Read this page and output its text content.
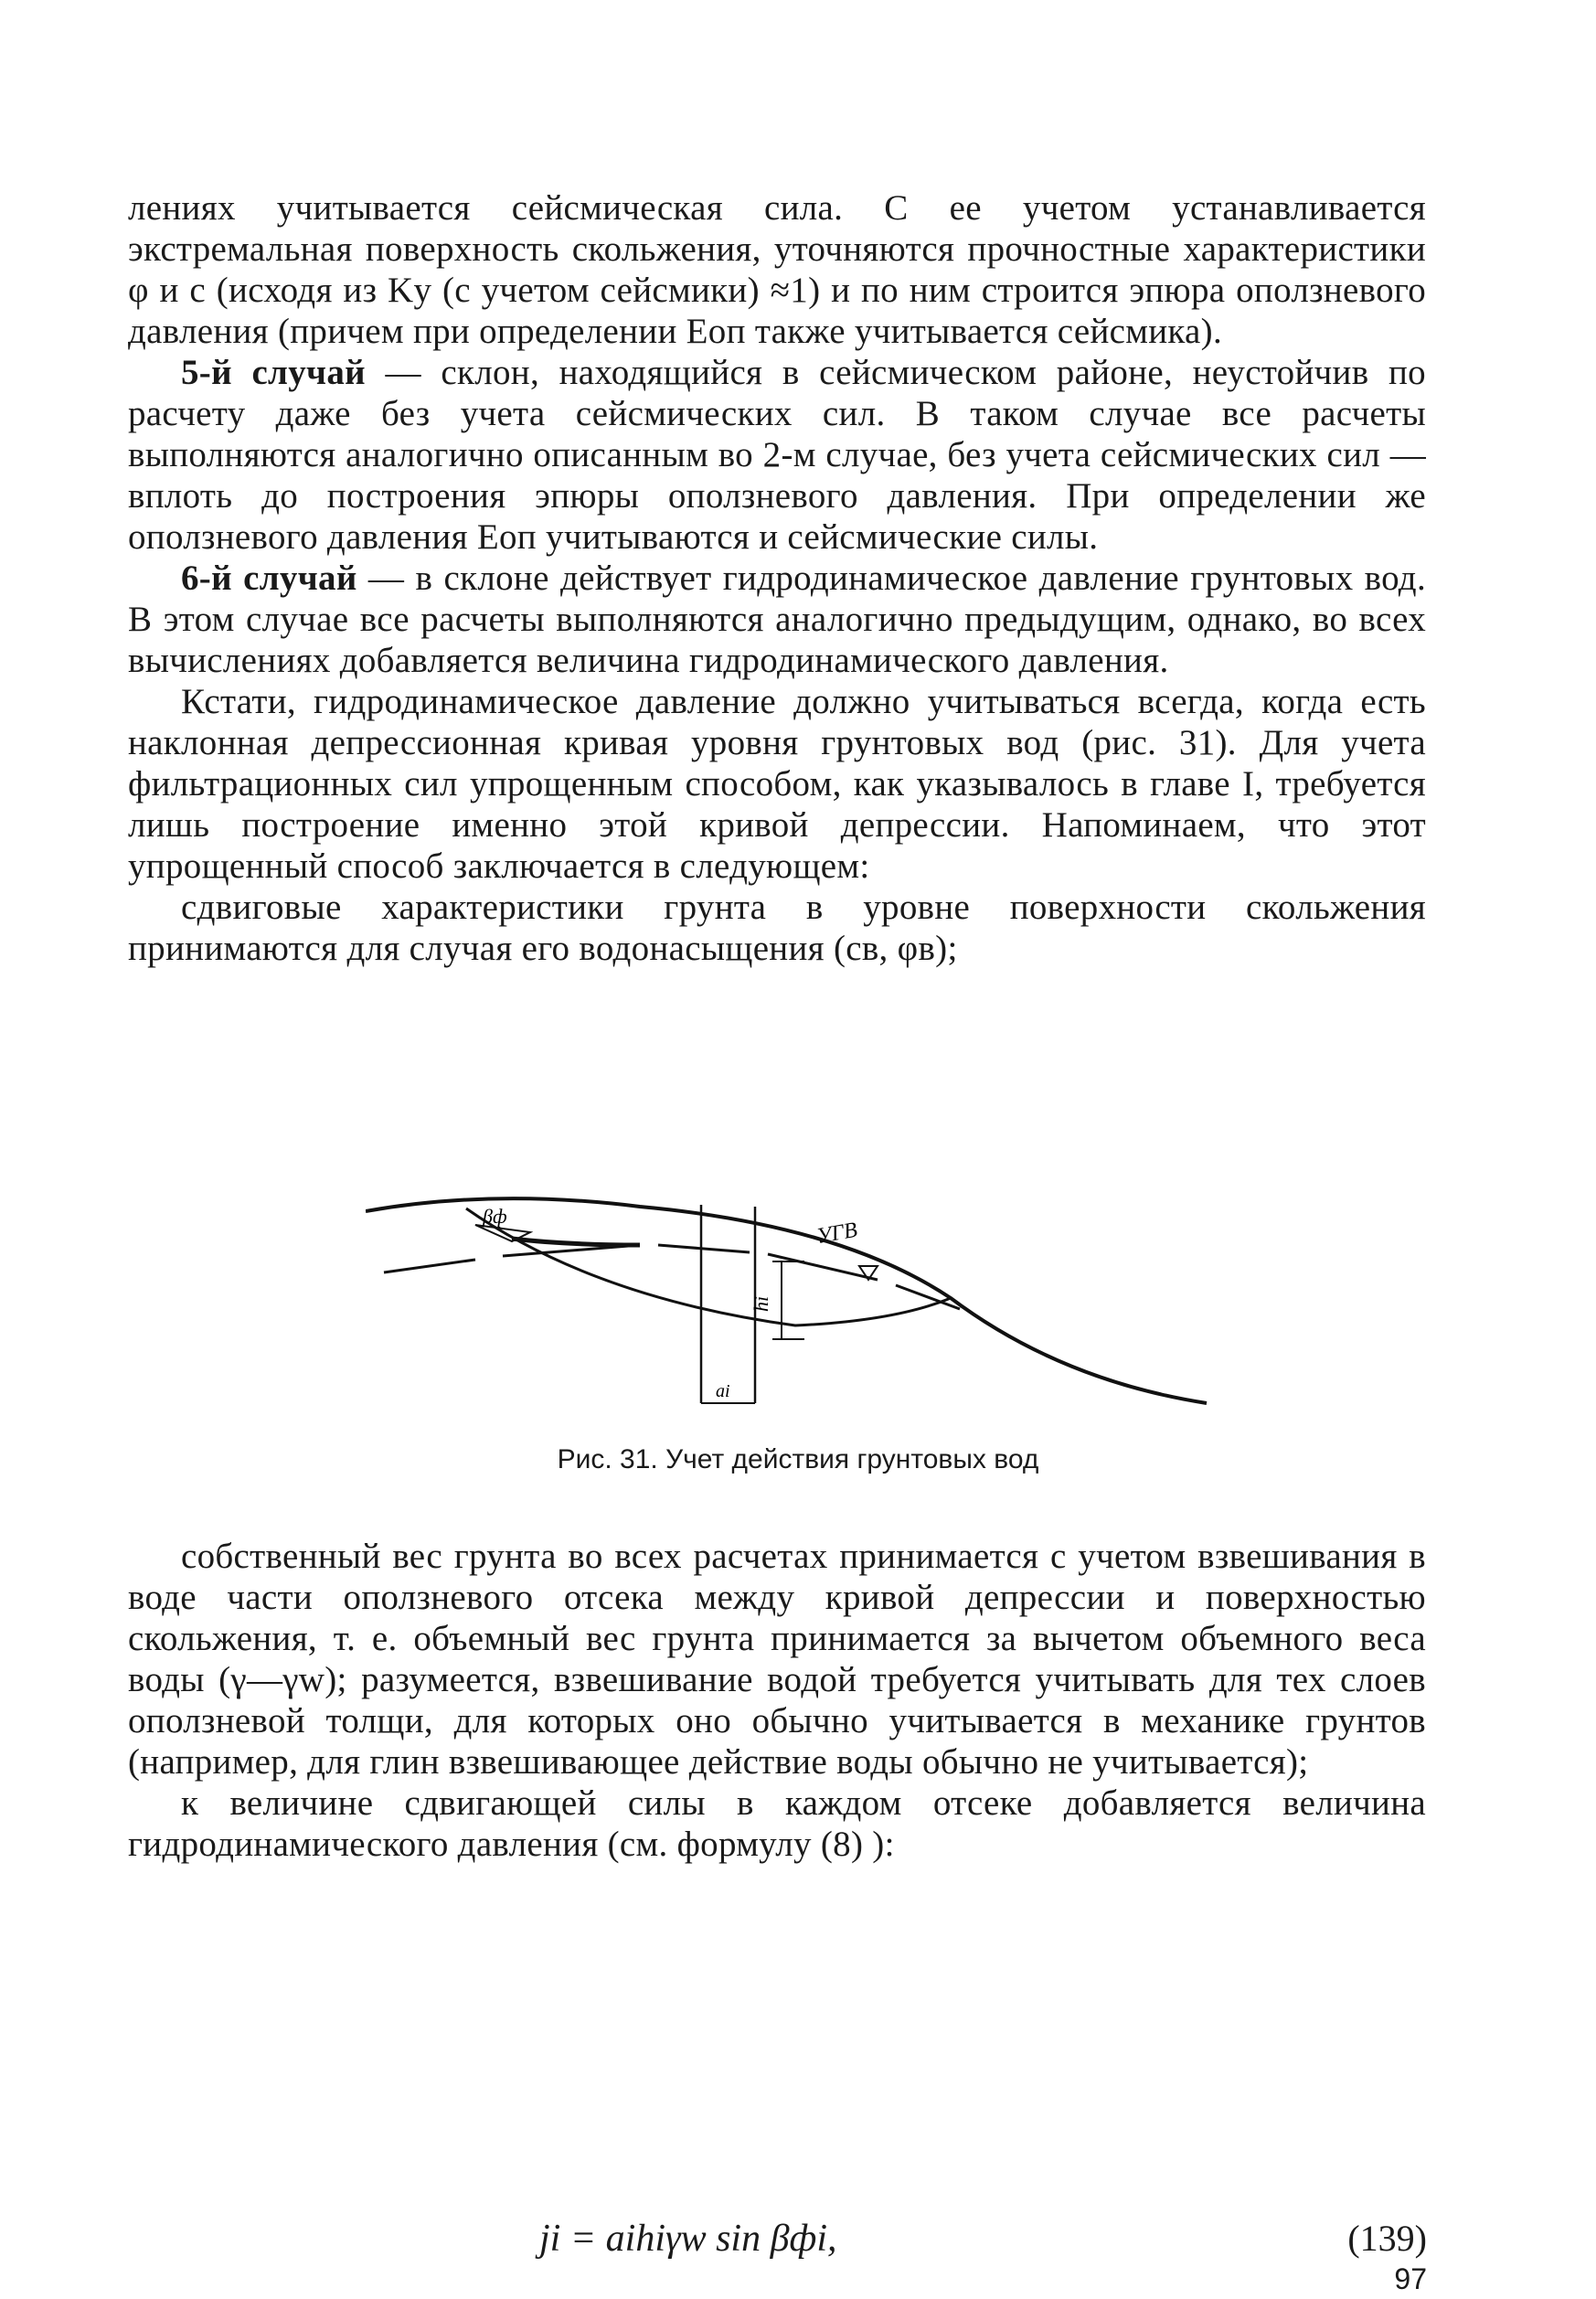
лениях учитывается сейсмическая сила. С ее учетом устанавливается экстремальная поверхность скольжения, уточняются прочностные характеристики φ и с (исходя из Kу (с учетом сейсмики) ≈1) и по ним строится эпюра оползневого давления (причем при определении Eоп также учитывается сейсмика).

5-й случай — склон, находящийся в сейсмическом районе, неустойчив по расчету даже без учета сейсмических сил. В таком случае все расчеты выполняются аналогично описанным во 2-м случае, без учета сейсмических сил — вплоть до построения эпюры оползневого давления. При определении же оползневого давления Eоп учитываются и сейсмические силы.

6-й случай — в склоне действует гидродинамическое давление грунтовых вод. В этом случае все расчеты выполняются аналогично предыдущим, однако, во всех вычислениях добавляется величина гидродинамического давления.

Кстати, гидродинамическое давление должно учитываться всегда, когда есть наклонная депрессионная кривая уровня грунтовых вод (рис. 31). Для учета фильтрационных сил упрощенным способом, как указывалось в главе I, требуется лишь построение именно этой кривой депрессии. Напоминаем, что этот упрощенный способ заключается в следующем:

сдвиговые характеристики грунта в уровне поверхности скольжения принимаются для случая его водонасыщения (cв, φв);

βф
УГВ
hi
ai
Рис. 31. Учет действия грунтовых вод

собственный вес грунта во всех расчетах принимается с учетом взвешивания в воде части оползневого отсека между кривой депрессии и поверхностью скольжения, т. е. объемный вес грунта принимается за вычетом объемного веса воды (γ—γw); разумеется, взвешивание водой требуется учитывать для тех слоев оползневой толщи, для которых оно обычно учитывается в механике грунтов (например, для глин взвешивающее действие воды обычно не учитывается);

к величине сдвигающей силы в каждом отсеке добавляется величина гидродинамического давления (см. формулу (8) ):

ji = aihiγw sin βфi,	(139)
97
